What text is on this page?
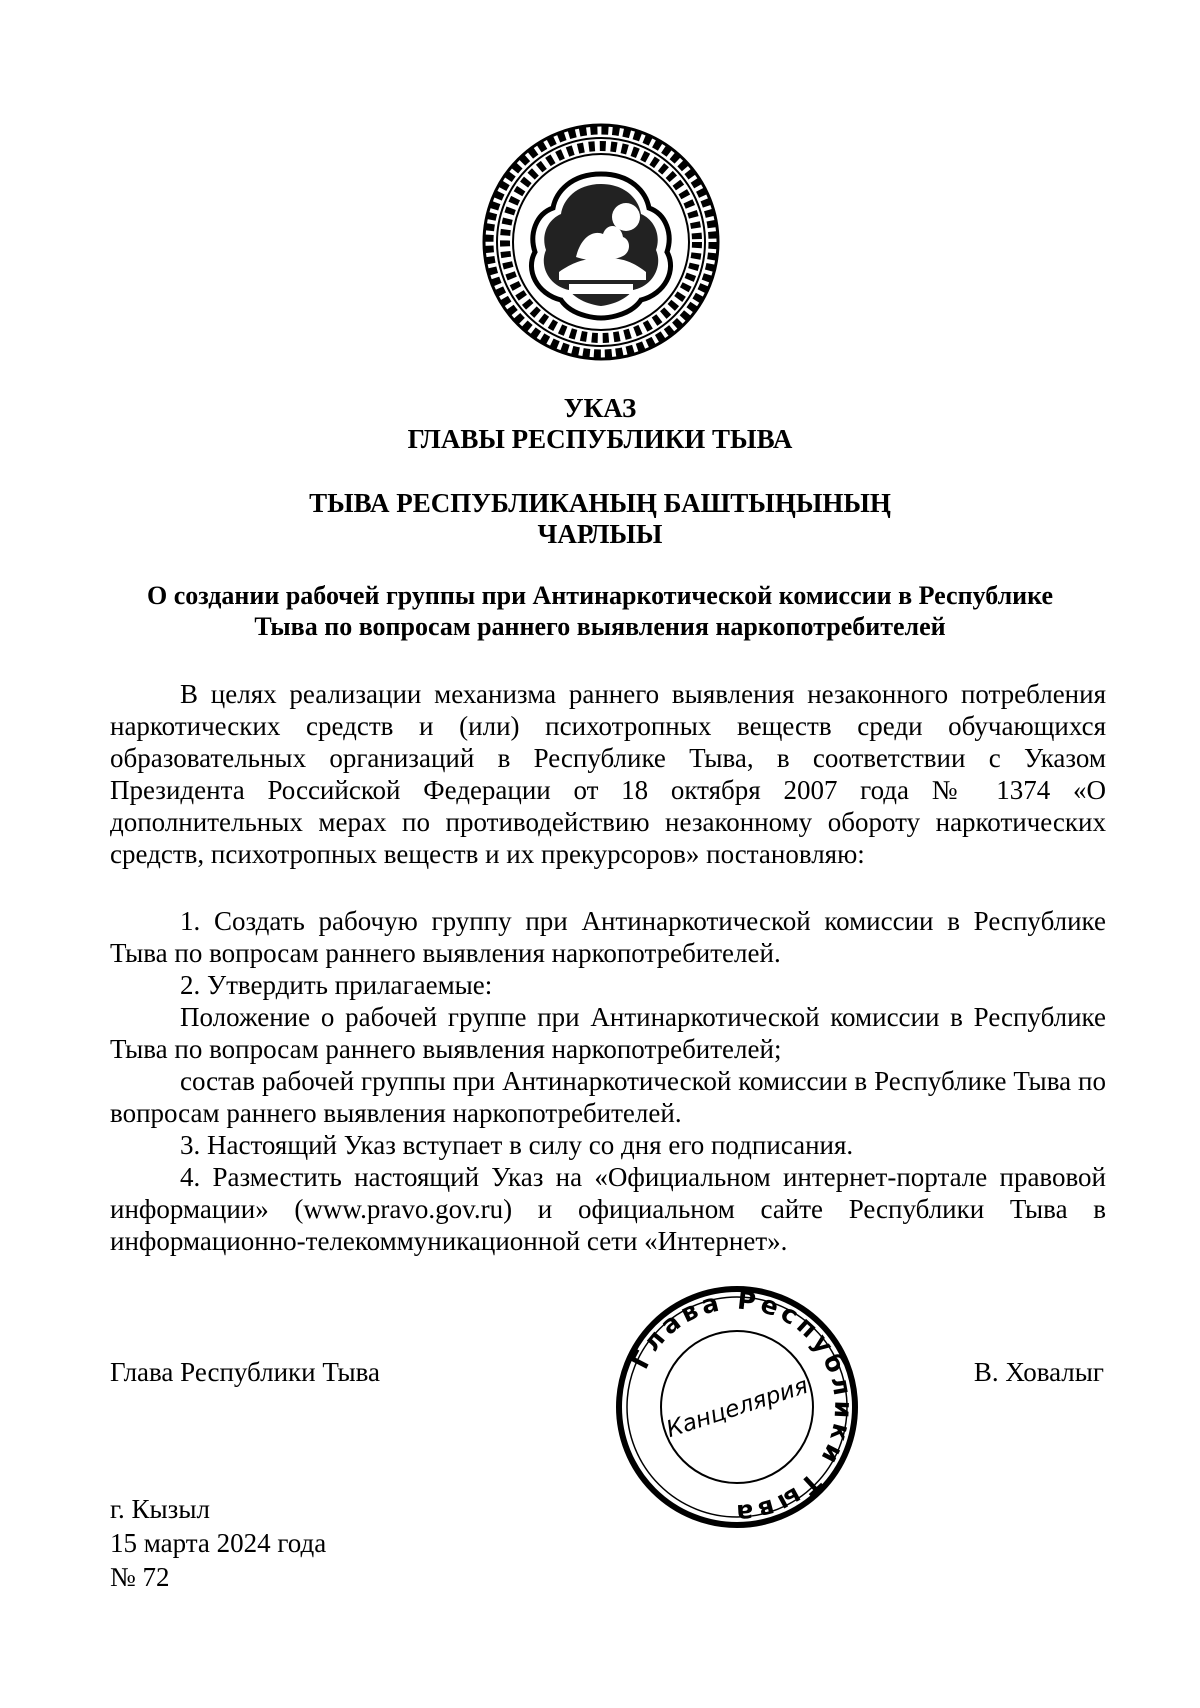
УКАЗ
ГЛАВЫ РЕСПУБЛИКИ ТЫВА
ТЫВА РЕСПУБЛИКАНЫҢ БАШТЫҢЫНЫҢ
ЧАРЛЫЫ
О создании рабочей группы при Антинаркотической комиссии в Республике
Тыва по вопросам раннего выявления наркопотребителей

В целях реализации механизма раннего выявления незаконного потребления наркотических средств и (или) психотропных веществ среди обучающихся образовательных организаций в Республике Тыва, в соответствии с Указом Президента Российской Федерации от 18 октября 2007 года № 1374 «О дополнительных мерах по противодействию незаконному обороту наркотических средств, психотропных веществ и их прекурсоров» постановляю:

1. Создать рабочую группу при Антинаркотической комиссии в Республике Тыва по вопросам раннего выявления наркопотребителей.

2. Утвердить прилагаемые:

Положение о рабочей группе при Антинаркотической комиссии в Республике Тыва по вопросам раннего выявления наркопотребителей;

состав рабочей группы при Антинаркотической комиссии в Республике Тыва по вопросам раннего выявления наркопотребителей.

3. Настоящий Указ вступает в силу со дня его подписания.

4. Разместить настоящий Указ на «Официальном интернет-портале правовой информации» (www.pravo.gov.ru) и официальном сайте Республики Тыва в информационно-телекоммуникационной сети «Интернет».

Глава Республики Тыва	В. Ховалыг
Глава Республики Тыва
Канцелярия
г. Кызыл
15 марта 2024 года
№ 72
